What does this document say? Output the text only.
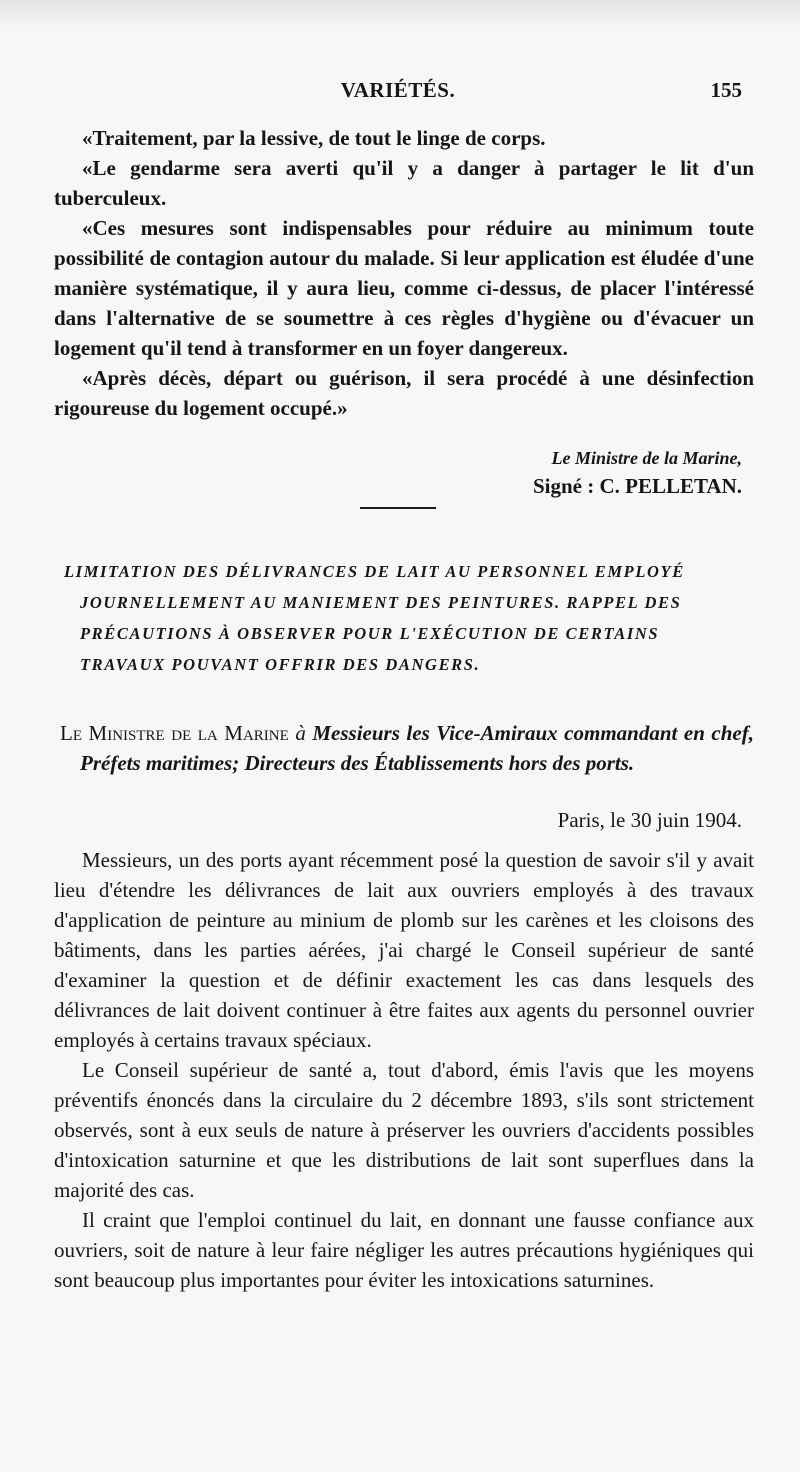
VARIÉTÉS.	155

«Traitement, par la lessive, de tout le linge de corps.

«Le gendarme sera averti qu'il y a danger à partager le lit d'un tuberculeux.

«Ces mesures sont indispensables pour réduire au minimum toute possibilité de contagion autour du malade. Si leur application est éludée d'une manière systématique, il y aura lieu, comme ci-dessus, de placer l'intéressé dans l'alternative de se soumettre à ces règles d'hygiène ou d'évacuer un logement qu'il tend à transformer en un foyer dangereux.

«Après décès, départ ou guérison, il sera procédé à une désinfection rigoureuse du logement occupé.»

Le Ministre de la Marine,
Signé : C. PELLETAN.
LIMITATION DES DÉLIVRANCES DE LAIT AU PERSONNEL EMPLOYÉ
JOURNELLEMENT AU MANIEMENT DES PEINTURES. RAPPEL DES
PRÉCAUTIONS À OBSERVER POUR L'EXÉCUTION DE CERTAINS
TRAVAUX POUVANT OFFRIR DES DANGERS.
Le Ministre de la Marine à Messieurs les Vice-Amiraux commandant en chef, Préfets maritimes; Directeurs des Établissements hors des ports.
Paris, le 30 juin 1904.

Messieurs, un des ports ayant récemment posé la question de savoir s'il y avait lieu d'étendre les délivrances de lait aux ouvriers employés à des travaux d'application de peinture au minium de plomb sur les carènes et les cloisons des bâtiments, dans les parties aérées, j'ai chargé le Conseil supérieur de santé d'examiner la question et de définir exactement les cas dans lesquels des délivrances de lait doivent continuer à être faites aux agents du personnel ouvrier employés à certains travaux spéciaux.

Le Conseil supérieur de santé a, tout d'abord, émis l'avis que les moyens préventifs énoncés dans la circulaire du 2 décembre 1893, s'ils sont strictement observés, sont à eux seuls de nature à préserver les ouvriers d'accidents possibles d'intoxication saturnine et que les distributions de lait sont superflues dans la majorité des cas.

Il craint que l'emploi continuel du lait, en donnant une fausse confiance aux ouvriers, soit de nature à leur faire négliger les autres précautions hygiéniques qui sont beaucoup plus importantes pour éviter les intoxications saturnines.
